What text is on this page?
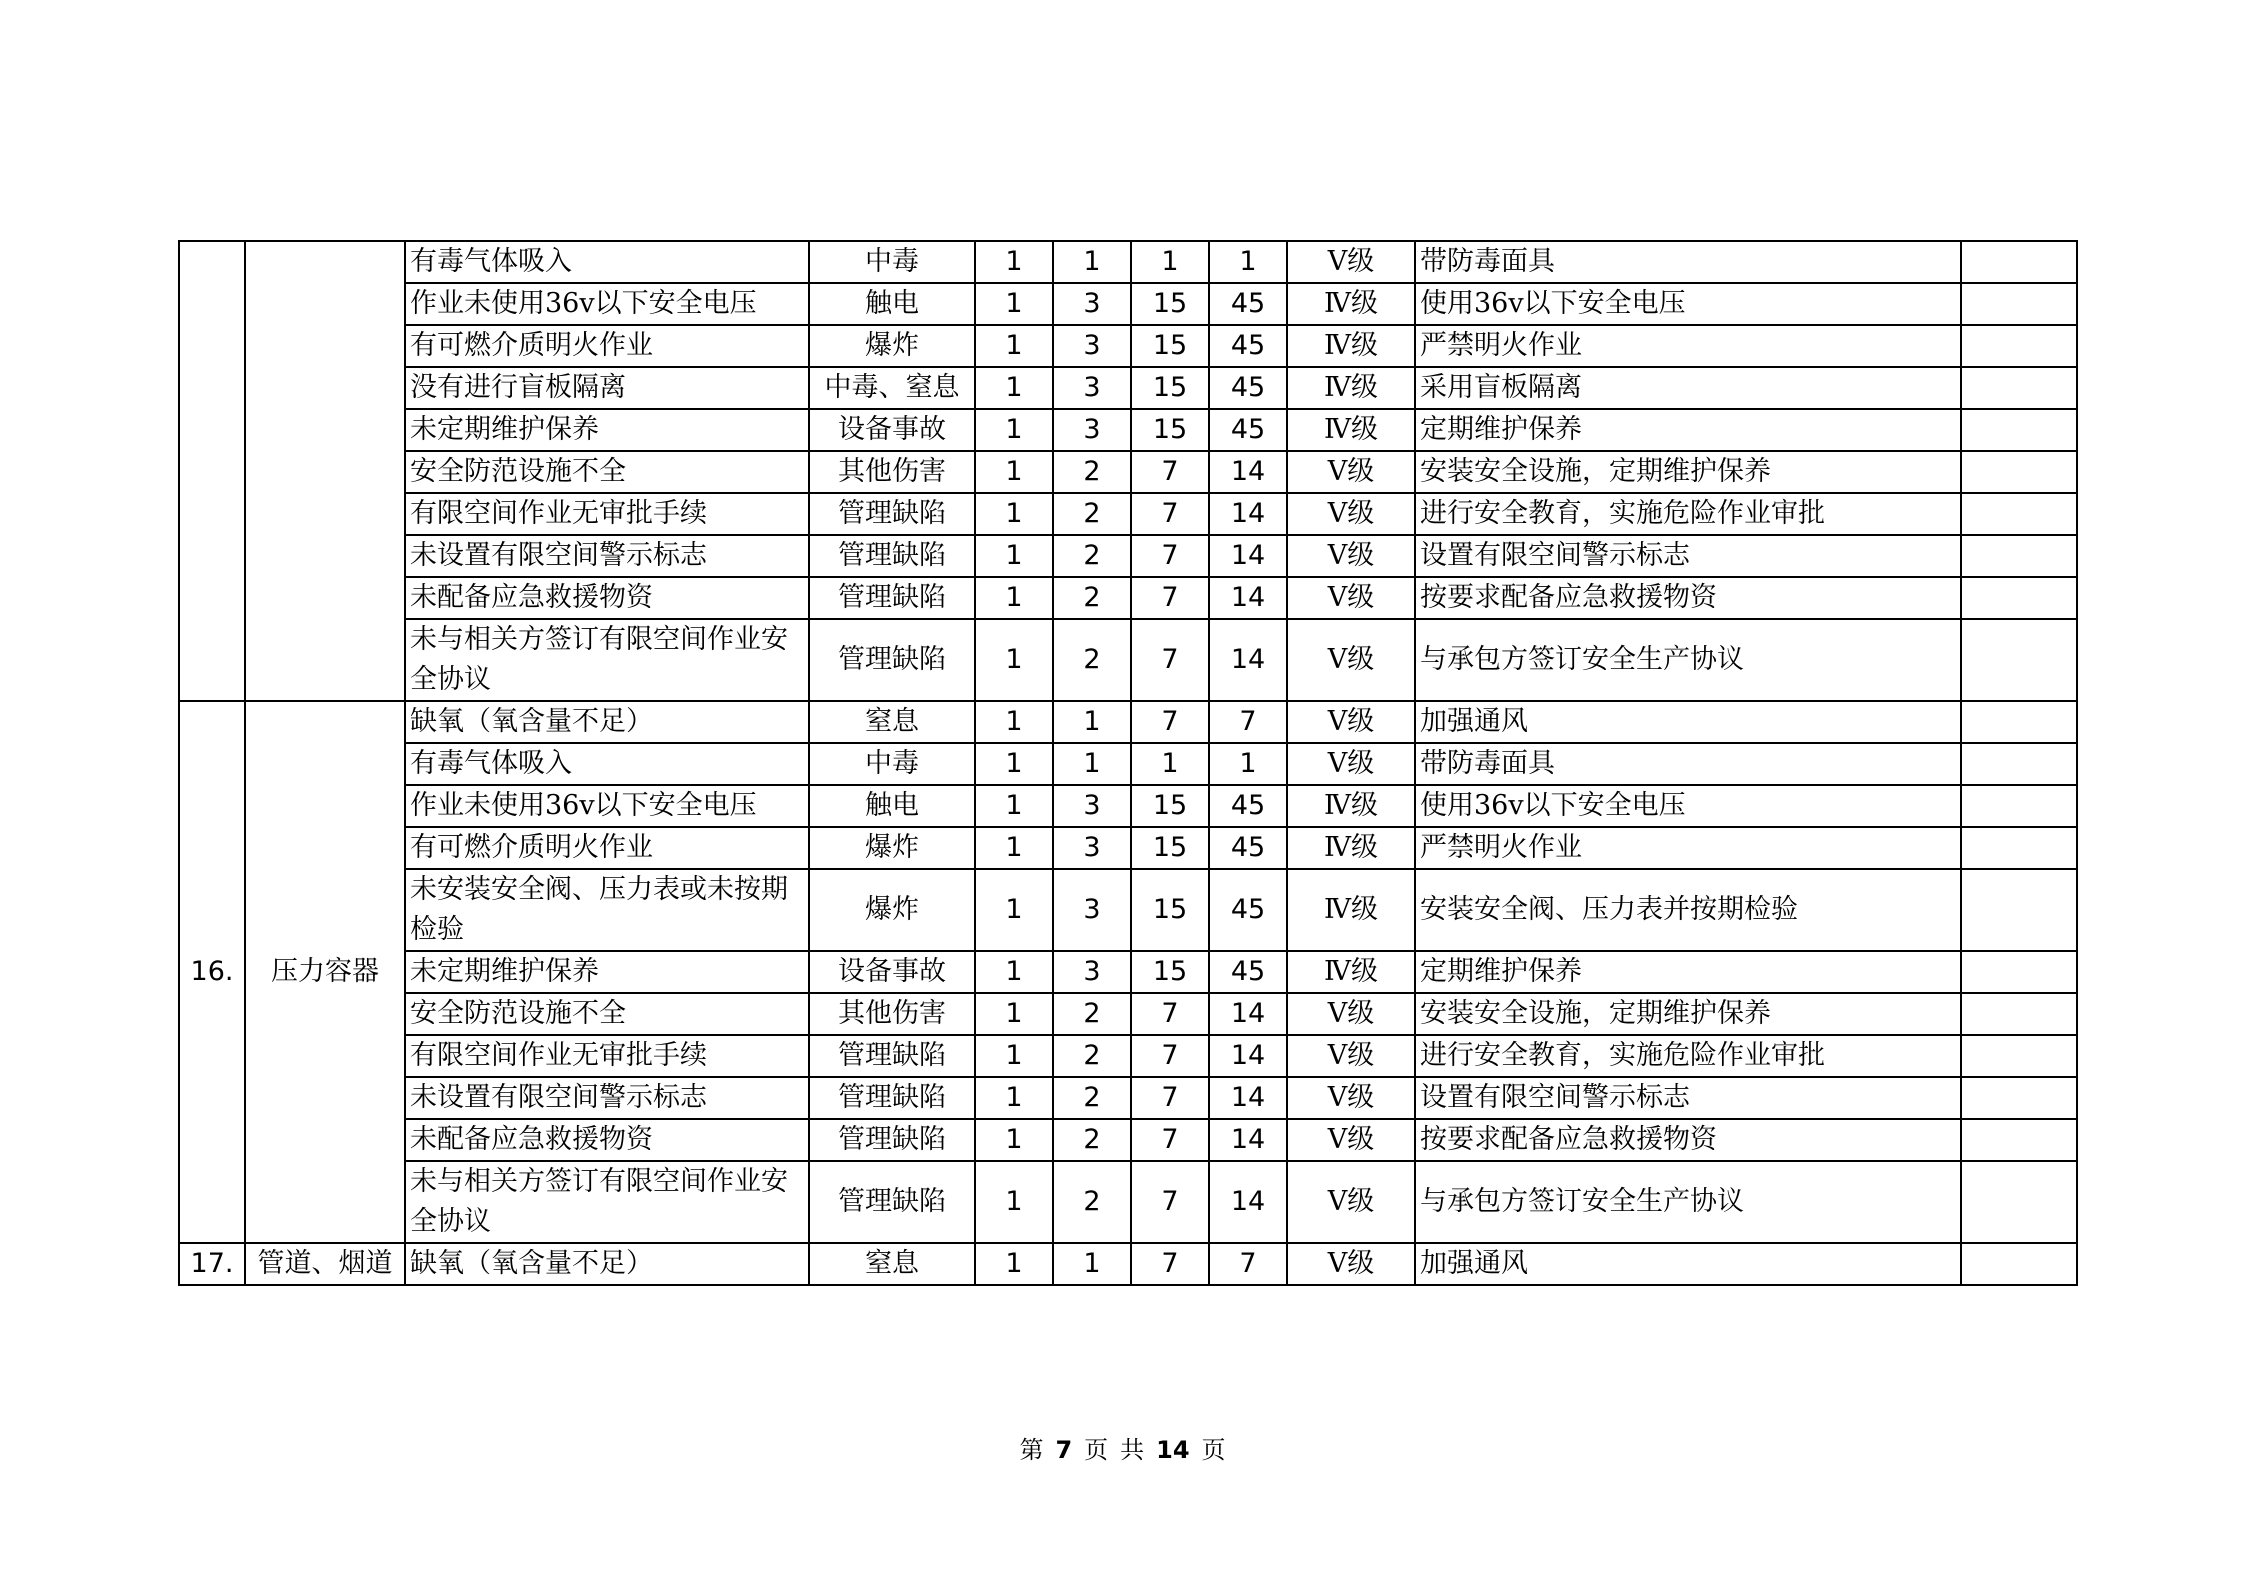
		有毒气体吸入	中毒	1	1	1	1	Ⅴ级	带防毒面具	
		作业未使用36v以下安全电压	触电	1	3	15	45	Ⅳ级	使用36v以下安全电压	
		有可燃介质明火作业	爆炸	1	3	15	45	Ⅳ级	严禁明火作业	
		没有进行盲板隔离	中毒、窒息	1	3	15	45	Ⅳ级	采用盲板隔离	
		未定期维护保养	设备事故	1	3	15	45	Ⅳ级	定期维护保养	
		安全防范设施不全	其他伤害	1	2	7	14	Ⅴ级	安装安全设施，定期维护保养	
		有限空间作业无审批手续	管理缺陷	1	2	7	14	Ⅴ级	进行安全教育，实施危险作业审批	
		未设置有限空间警示标志	管理缺陷	1	2	7	14	Ⅴ级	设置有限空间警示标志	
		未配备应急救援物资	管理缺陷	1	2	7	14	Ⅴ级	按要求配备应急救援物资	
		未与相关方签订有限空间作业安全协议	管理缺陷	1	2	7	14	Ⅴ级	与承包方签订安全生产协议	
16.	压力容器	缺氧（氧含量不足）	窒息	1	1	7	7	Ⅴ级	加强通风	
		有毒气体吸入	中毒	1	1	1	1	Ⅴ级	带防毒面具	
		作业未使用36v以下安全电压	触电	1	3	15	45	Ⅳ级	使用36v以下安全电压	
		有可燃介质明火作业	爆炸	1	3	15	45	Ⅳ级	严禁明火作业	
		未安装安全阀、压力表或未按期检验	爆炸	1	3	15	45	Ⅳ级	安装安全阀、压力表并按期检验	
		未定期维护保养	设备事故	1	3	15	45	Ⅳ级	定期维护保养	
		安全防范设施不全	其他伤害	1	2	7	14	Ⅴ级	安装安全设施，定期维护保养	
		有限空间作业无审批手续	管理缺陷	1	2	7	14	Ⅴ级	进行安全教育，实施危险作业审批	
		未设置有限空间警示标志	管理缺陷	1	2	7	14	Ⅴ级	设置有限空间警示标志	
		未配备应急救援物资	管理缺陷	1	2	7	14	Ⅴ级	按要求配备应急救援物资	
		未与相关方签订有限空间作业安全协议	管理缺陷	1	2	7	14	Ⅴ级	与承包方签订安全生产协议	
17.	管道、烟道	缺氧（氧含量不足）	窒息	1	1	7	7	Ⅴ级	加强通风	
第 7 页 共 14 页
